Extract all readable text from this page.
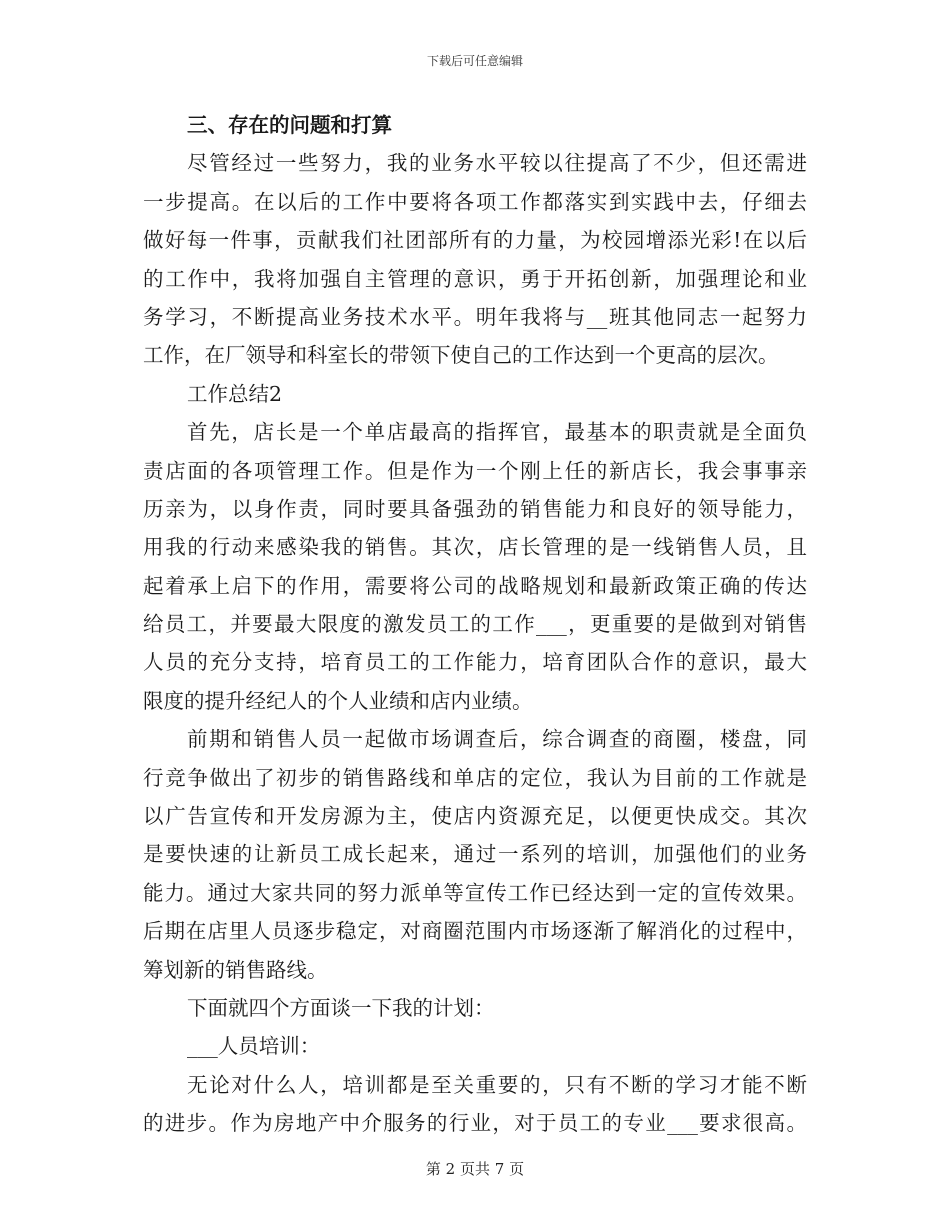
下载后可任意编辑
三、存在的问题和打算
尽管经过一些努力，我的业务水平较以往提高了不少，但还需进
一步提高。在以后的工作中要将各项工作都落实到实践中去，仔细去
做好每一件事，贡献我们社团部所有的力量，为校园增添光彩!在以后
的工作中，我将加强自主管理的意识，勇于开拓创新，加强理论和业
务学习，不断提高业务技术水平。明年我将与__班其他同志一起努力
工作，在厂领导和科室长的带领下使自己的工作达到一个更高的层次。
工作总结2
首先，店长是一个单店最高的指挥官，最基本的职责就是全面负
责店面的各项管理工作。但是作为一个刚上任的新店长，我会事事亲
历亲为，以身作责，同时要具备强劲的销售能力和良好的领导能力，
用我的行动来感染我的销售。其次，店长管理的是一线销售人员，且
起着承上启下的作用，需要将公司的战略规划和最新政策正确的传达
给员工，并要最大限度的激发员工的工作___，更重要的是做到对销售
人员的充分支持，培育员工的工作能力，培育团队合作的意识，最大
限度的提升经纪人的个人业绩和店内业绩。
前期和销售人员一起做市场调查后，综合调查的商圈，楼盘，同
行竞争做出了初步的销售路线和单店的定位，我认为目前的工作就是
以广告宣传和开发房源为主，使店内资源充足，以便更快成交。其次
是要快速的让新员工成长起来，通过一系列的培训，加强他们的业务
能力。通过大家共同的努力派单等宣传工作已经达到一定的宣传效果。
后期在店里人员逐步稳定，对商圈范围内市场逐渐了解消化的过程中，
筹划新的销售路线。
下面就四个方面谈一下我的计划：
___人员培训：
无论对什么人，培训都是至关重要的，只有不断的学习才能不断
的进步。作为房地产中介服务的行业，对于员工的专业___要求很高。
第 2 页共 7 页
